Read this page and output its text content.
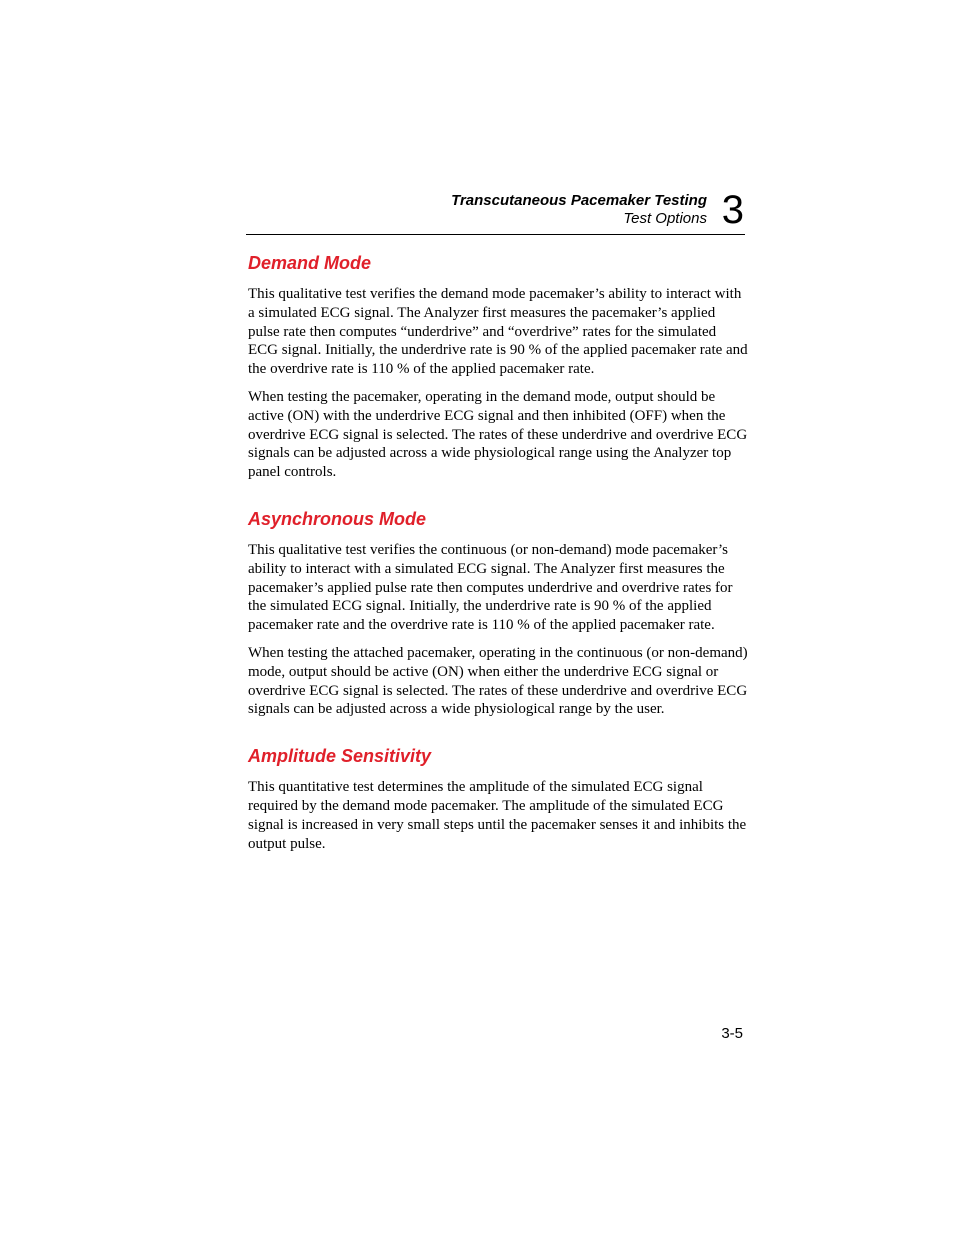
Transcutaneous Pacemaker Testing
Test Options 3
Demand Mode

This qualitative test verifies the demand mode pacemaker’s ability to interact with a simulated ECG signal. The Analyzer first measures the pacemaker’s applied pulse rate then computes “underdrive” and “overdrive” rates for the simulated ECG signal. Initially, the underdrive rate is 90 % of the applied pacemaker rate and the overdrive rate is 110 % of the applied pacemaker rate.

When testing the pacemaker, operating in the demand mode, output should be active (ON) with the underdrive ECG signal and then inhibited (OFF) when the overdrive ECG signal is selected. The rates of these underdrive and overdrive ECG signals can be adjusted across a wide physiological range using the Analyzer top panel controls.

Asynchronous Mode

This qualitative test verifies the continuous (or non-demand) mode pacemaker’s ability to interact with a simulated ECG signal. The Analyzer first measures the pacemaker’s applied pulse rate then computes underdrive and overdrive rates for the simulated ECG signal. Initially, the underdrive rate is 90 % of the applied pacemaker rate and the overdrive rate is 110 % of the applied pacemaker rate.

When testing the attached pacemaker, operating in the continuous (or non-demand) mode, output should be active (ON) when either the underdrive ECG signal or overdrive ECG signal is selected. The rates of these underdrive and overdrive ECG signals can be adjusted across a wide physiological range by the user.

Amplitude Sensitivity

This quantitative test determines the amplitude of the simulated ECG signal required by the demand mode pacemaker. The amplitude of the simulated ECG signal is increased in very small steps until the pacemaker senses it and inhibits the output pulse.

3-5
